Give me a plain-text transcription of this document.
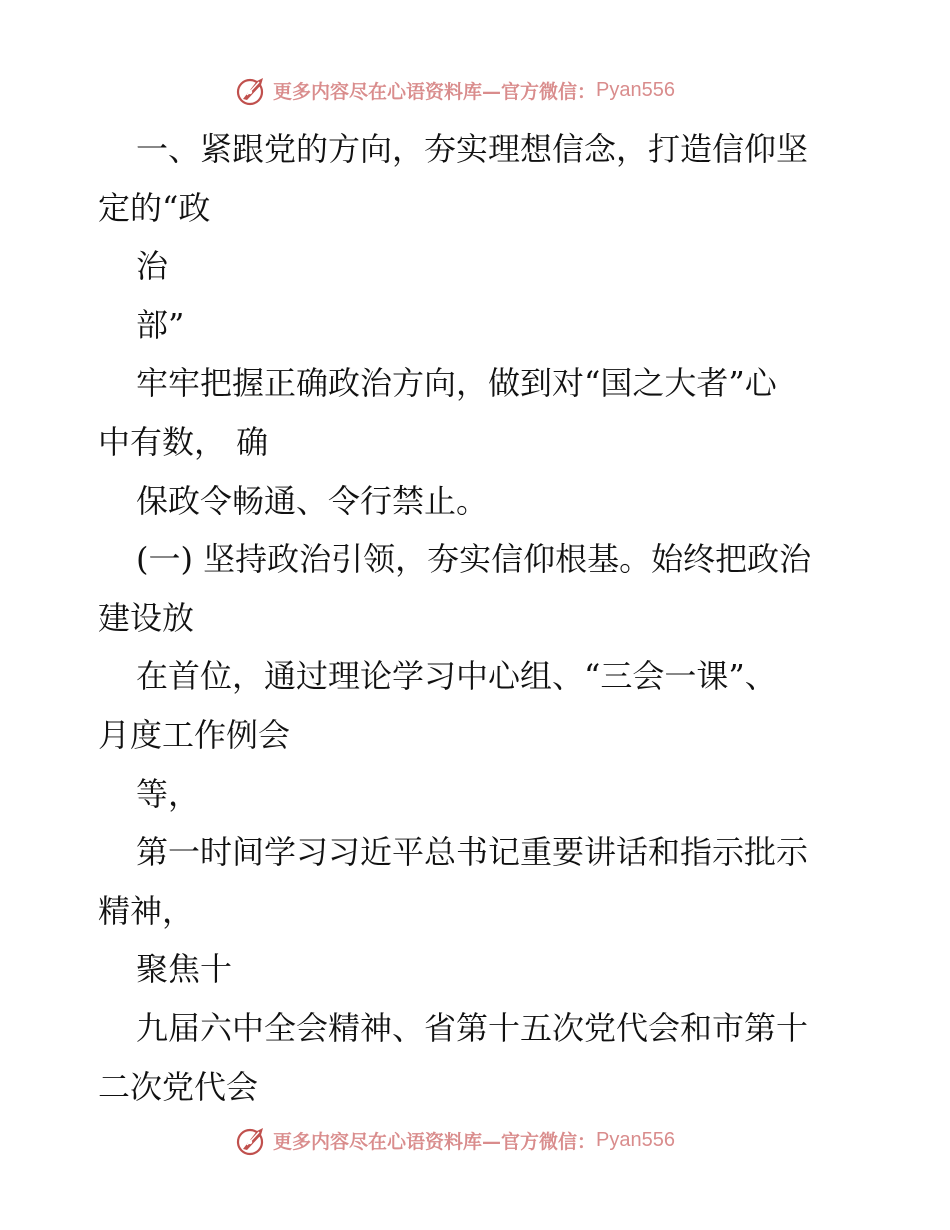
更多内容尽在心语资料库—官方微信： Pyan556
一、紧跟党的方向，夯实理想信念，打造信仰坚
定的“政
治
部”
牢牢把握正确政治方向，做到对“国之大者”心
中有数， 确
保政令畅通、令行禁止。
(一) 坚持政治引领，夯实信仰根基。始终把政治
建设放
在首位，通过理论学习中心组、“三会一课”、
月度工作例会
等，
第一时间学习习近平总书记重要讲话和指示批示
精神，
聚焦十
九届六中全会精神、省第十五次党代会和市第十
二次党代会
更多内容尽在心语资料库—官方微信： Pyan556
